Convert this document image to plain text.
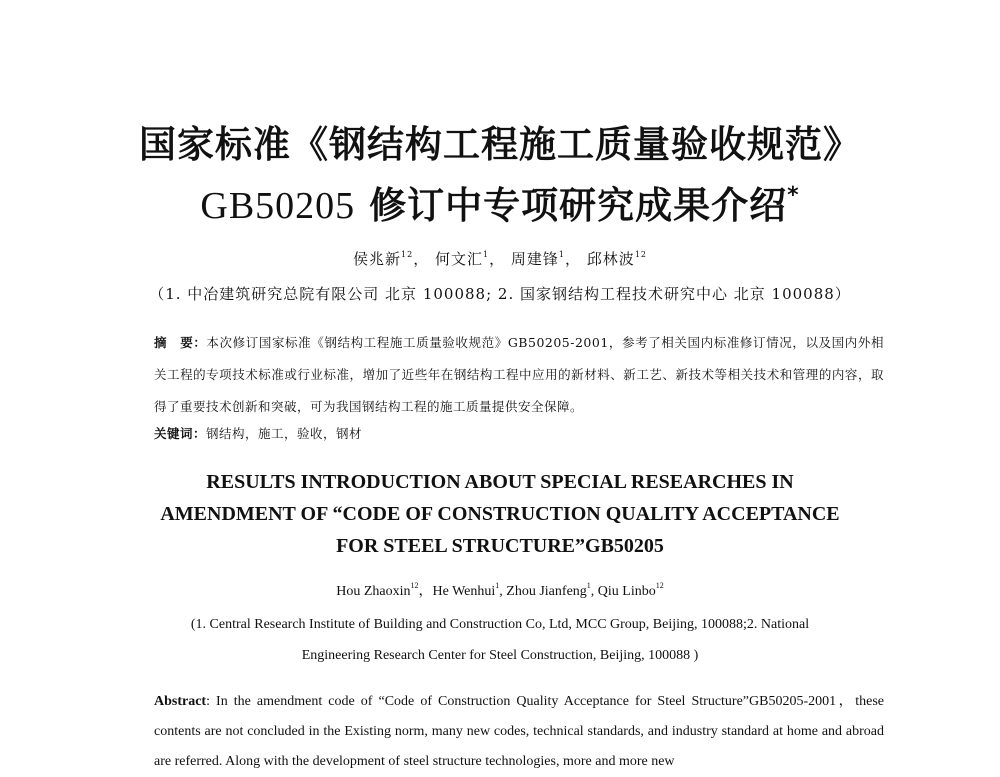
国家标准《钢结构工程施工质量验收规范》
GB50205 修订中专项研究成果介绍*
侯兆新$^{12}$， 何文汇$^1$， 周建锋$^1$， 邱林波$^{12}$
（1. 中冶建筑研究总院有限公司 北京 100088; 2. 国家钢结构工程技术研究中心 北京 100088）
摘　要：本次修订国家标准《钢结构工程施工质量验收规范》GB50205-2001，参考了相关国内标准修订情况，以及国内外相关工程的专项技术标准或行业标准，增加了近些年在钢结构工程中应用的新材料、新工艺、新技术等相关技术和管理的内容，取得了重要技术创新和突破，可为我国钢结构工程的施工质量提供安全保障。
关键词：钢结构，施工，验收，钢材
RESULTS INTRODUCTION ABOUT SPECIAL RESEARCHES IN
AMENDMENT OF “CODE OF CONSTRUCTION QUALITY ACCEPTANCE
FOR STEEL STRUCTURE”GB50205
Hou Zhaoxin$^{12}$，He Wenhui$^1$, Zhou Jianfeng$^1$, Qiu Linbo$^{12}$
(1. Central Research Institute of Building and Construction Co, Ltd, MCC Group, Beijing, 100088;2. National
Engineering Research Center for Steel Construction, Beijing, 100088 )
Abstract: In the amendment code of “Code of Construction Quality Acceptance for Steel Structure”GB50205-2001，these contents are not concluded in the Existing norm, many new codes, technical standards, and industry standard at home and abroad are referred. Along with the development of steel structure technologies, more and more new
